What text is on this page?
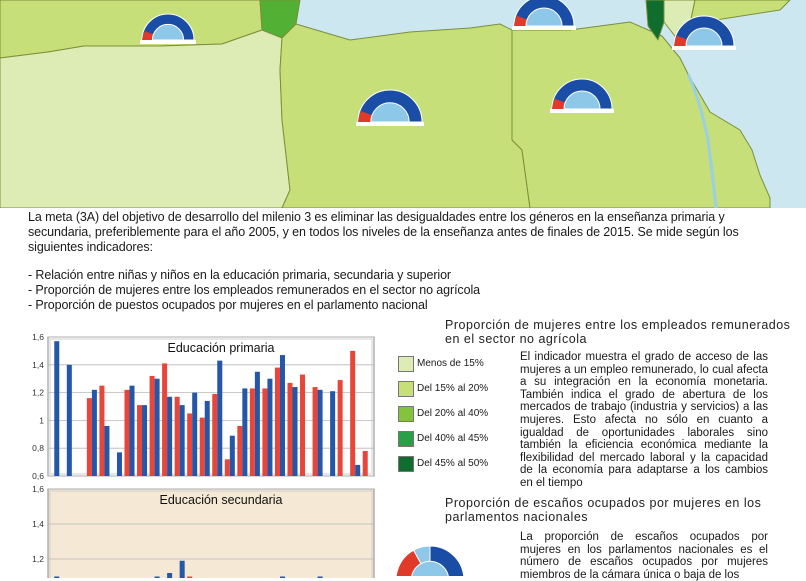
La meta (3A) del objetivo de desarrollo del milenio 3 es eliminar las desigualdades entre los géneros en la enseñanza primaria y secundaria, preferiblemente para el año 2005, y en todos los niveles de la enseñanza antes de finales de 2015. Se mide según los siguientes indicadores:

- Relación entre niñas y niños en la educación primaria, secundaria y superior
- Proporción de mujeres entre los empleados remunerados en el sector no agrícola
- Proporción de puestos ocupados por mujeres en el parlamento nacional
0,6
0,8
1
1,2
1,4
1,6
Educación primaria
1,2
1,4
1,6
Educación secundaria
Proporción de mujeres entre los empleados remunerados en el sector no agrícola
Menos de 15%
Del 15% al 20%
Del 20% al 40%
Del 40% al 45%
Del 45% al 50%

El indicador muestra el grado de acceso de las mujeres a un empleo remunerado, lo cual afecta a su integración en la economía monetaria. También indica el grado de abertura de los mercados de trabajo (industria y servicios) a las mujeres. Esto afecta no sólo en cuanto a igualdad de oportunidades laborales sino también la eficiencia económica mediante la flexibilidad del mercado laboral y la capacidad de la economía para adaptarse a los cambios en el tiempo

Proporción de escaños ocupados por mujeres en los parlamentos nacionales

La proporción de escaños ocupados por mujeres en los parlamentos nacionales es el número de escaños ocupados por mujeres miembros de la cámara única o baja de los
